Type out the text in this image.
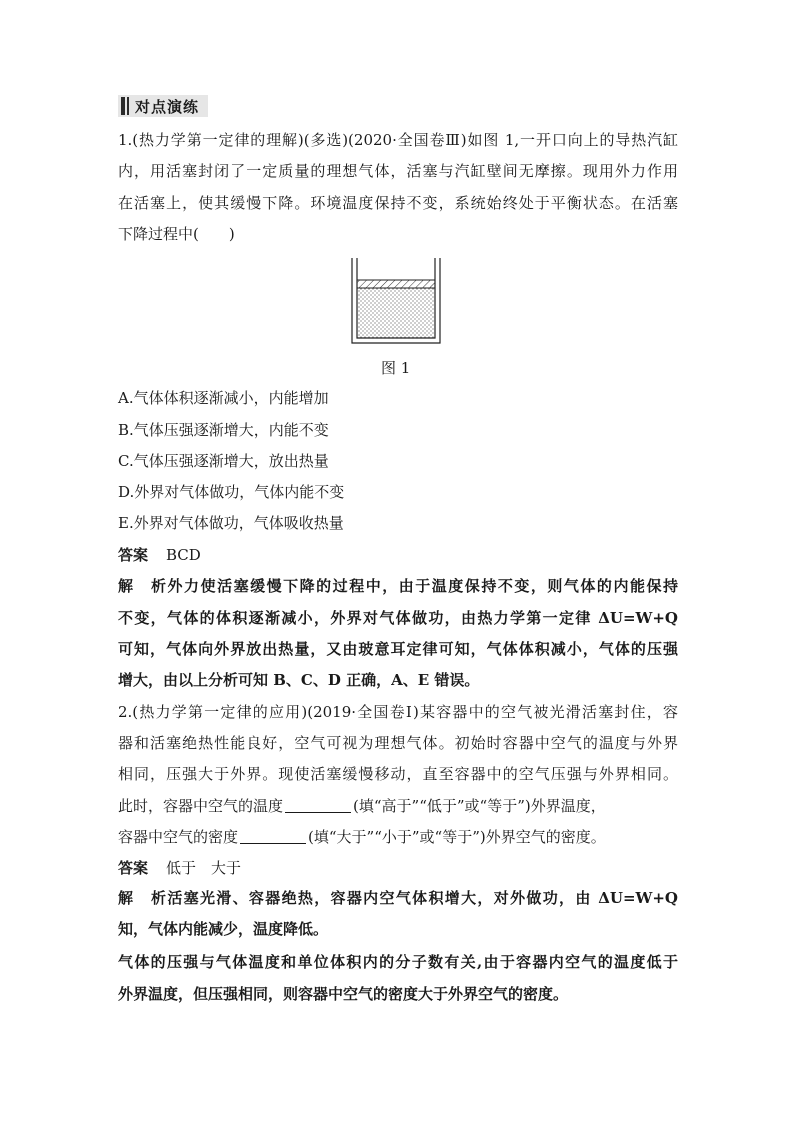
对点演练
1.(热力学第一定律的理解)(多选)(2020·全国卷Ⅲ)如图 1,一开口向上的导热汽缸
内，用活塞封闭了一定质量的理想气体，活塞与汽缸壁间无摩擦。现用外力作用
在活塞上，使其缓慢下降。环境温度保持不变，系统始终处于平衡状态。在活塞
下降过程中(　　)
图 1
A.气体体积逐渐减小，内能增加
B.气体压强逐渐增大，内能不变
C.气体压强逐渐增大，放出热量
D.外界对气体做功，气体内能不变
E.外界对气体做功，气体吸收热量
答案 BCD
解析外力使活塞缓慢下降的过程中，由于温度保持不变，则气体的内能保持
不变，气体的体积逐渐减小，外界对气体做功，由热力学第一定律 ΔU=W+Q
可知，气体向外界放出热量，又由玻意耳定律可知，气体体积减小，气体的压强
增大，由以上分析可知 B、C、D 正确，A、E 错误。
2.(热力学第一定律的应用)(2019·全国卷Ⅰ)某容器中的空气被光滑活塞封住，容
器和活塞绝热性能良好，空气可视为理想气体。初始时容器中空气的温度与外界
相同，压强大于外界。现使活塞缓慢移动，直至容器中的空气压强与外界相同。
此时，容器中空气的温度	(填“高于”“低于”或“等于”)外界温度，
容器中空气的密度	(填“大于”“小于”或“等于”)外界空气的密度。
答案 低于　大于
解析活塞光滑、容器绝热，容器内空气体积增大，对外做功，由 ΔU=W+Q
知，气体内能减少，温度降低。
气体的压强与气体温度和单位体积内的分子数有关,由于容器内空气的温度低于
外界温度，但压强相同，则容器中空气的密度大于外界空气的密度。
